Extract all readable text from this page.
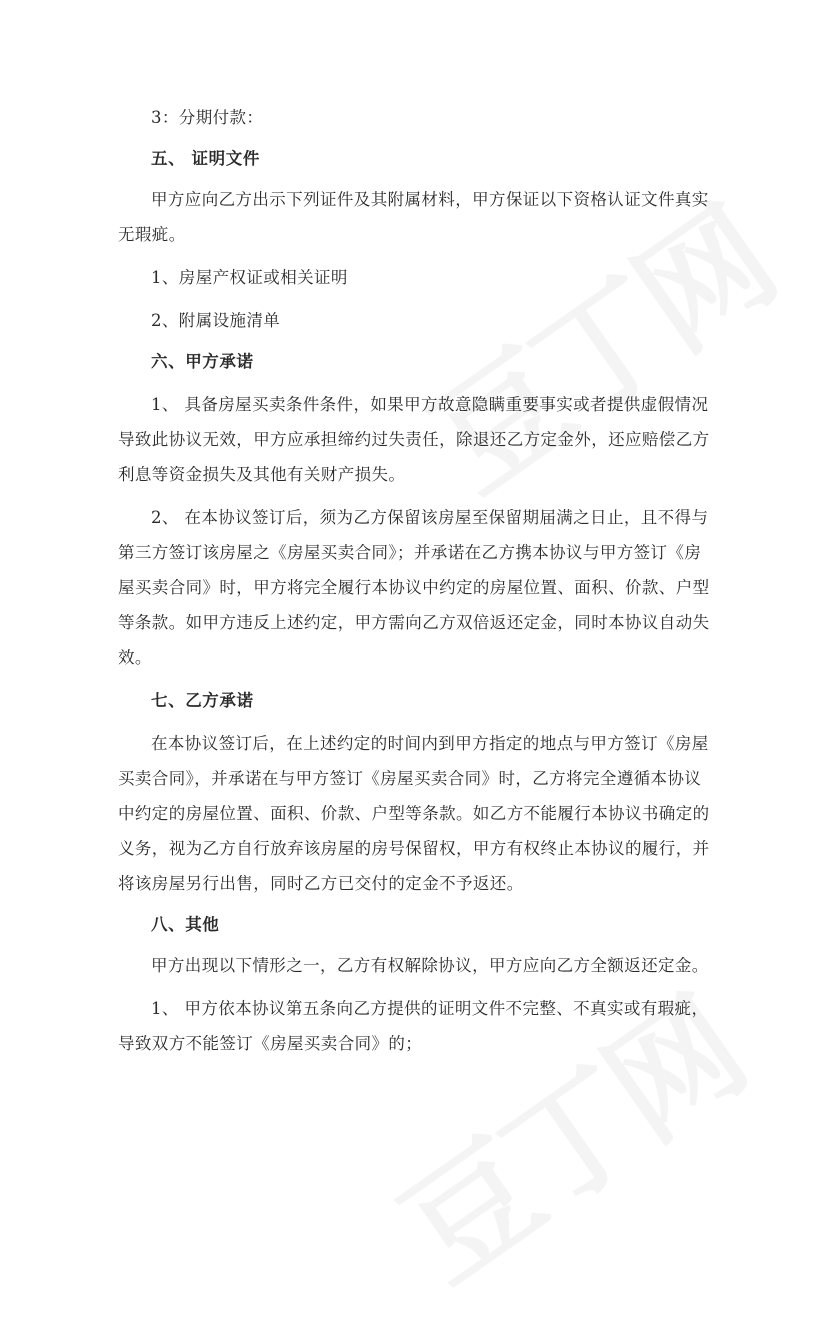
3：分期付款：

五、 证明文件

甲方应向乙方出示下列证件及其附属材料，甲方保证以下资格认证文件真实无瑕疵。

1、房屋产权证或相关证明

2、附属设施清单

六、甲方承诺

1、 具备房屋买卖条件条件，如果甲方故意隐瞒重要事实或者提供虚假情况导致此协议无效，甲方应承担缔约过失责任，除退还乙方定金外，还应赔偿乙方利息等资金损失及其他有关财产损失。

2、 在本协议签订后，须为乙方保留该房屋至保留期届满之日止，且不得与第三方签订该房屋之《房屋买卖合同》；并承诺在乙方携本协议与甲方签订《房屋买卖合同》时，甲方将完全履行本协议中约定的房屋位置、面积、价款、户型等条款。如甲方违反上述约定，甲方需向乙方双倍返还定金，同时本协议自动失效。

七、乙方承诺

在本协议签订后，在上述约定的时间内到甲方指定的地点与甲方签订《房屋买卖合同》，并承诺在与甲方签订《房屋买卖合同》时，乙方将完全遵循本协议中约定的房屋位置、面积、价款、户型等条款。如乙方不能履行本协议书确定的义务，视为乙方自行放弃该房屋的房号保留权，甲方有权终止本协议的履行，并将该房屋另行出售，同时乙方已交付的定金不予返还。

八、其他

甲方出现以下情形之一，乙方有权解除协议，甲方应向乙方全额返还定金。

1、 甲方依本协议第五条向乙方提供的证明文件不完整、不真实或有瑕疵，导致双方不能签订《房屋买卖合同》的；
